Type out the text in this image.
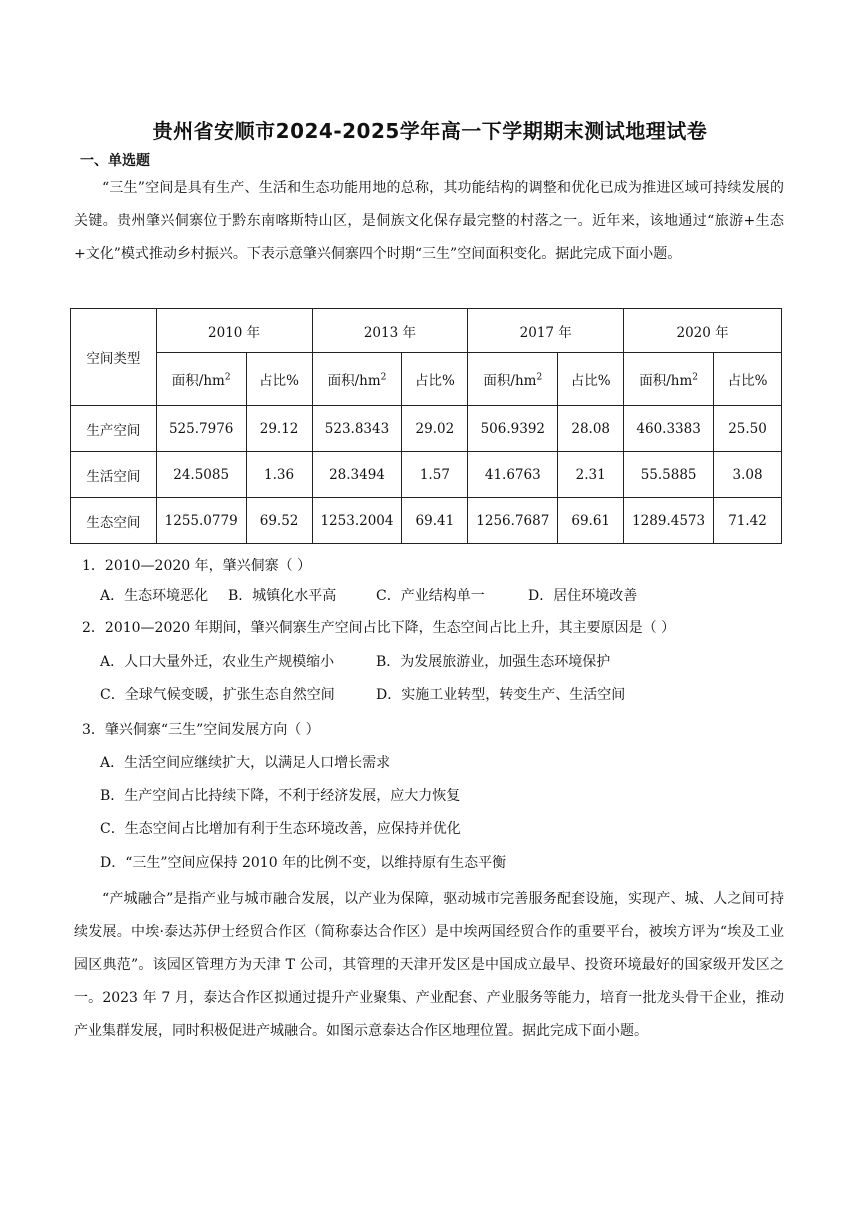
贵州省安顺市2024-2025学年高一下学期期末测试地理试卷
一、单选题
“三生”空间是具有生产、生活和生态功能用地的总称，其功能结构的调整和优化已成为推进区域可持续发展的关键。贵州肇兴侗寨位于黔东南喀斯特山区，是侗族文化保存最完整的村落之一。近年来，该地通过“旅游+生态+文化”模式推动乡村振兴。下表示意肇兴侗寨四个时期“三生”空间面积变化。据此完成下面小题。
空间类型	2010 年		2013 年		2017 年		2020 年	
	面积$/hm^2$	占比%	面积$/hm^2$	占比%	面积$/hm^2$	占比%	面积$/hm^2$	占比%
生产空间	525.7976	29.12	523.8343	29.02	506.9392	28.08	460.3383	25.50
生活空间	24.5085	1.36	28.3494	1.57	41.6763	2.31	55.5885	3.08
生态空间	1255.0779	69.52	1253.2004	69.41	1256.7687	69.61	1289.4573	71.42
1．2010—2020 年，肇兴侗寨（ ）
A．生态环境恶化 B．城镇化水平高	C．产业结构单一	D．居住环境改善
2．2010—2020 年期间，肇兴侗寨生产空间占比下降，生态空间占比上升，其主要原因是（ ）
A．人口大量外迁，农业生产规模缩小	B．为发展旅游业，加强生态环境保护
C．全球气候变暖，扩张生态自然空间	D．实施工业转型，转变生产、生活空间
3．肇兴侗寨“三生”空间发展方向（ ）
A．生活空间应继续扩大，以满足人口增长需求
B．生产空间占比持续下降，不利于经济发展，应大力恢复
C．生态空间占比增加有利于生态环境改善，应保持并优化
D．“三生”空间应保持 2010 年的比例不变，以维持原有生态平衡
“产城融合”是指产业与城市融合发展，以产业为保障，驱动城市完善服务配套设施，实现产、城、人之间可持续发展。中埃·泰达苏伊士经贸合作区（简称泰达合作区）是中埃两国经贸合作的重要平台，被埃方评为“埃及工业园区典范”。该园区管理方为天津 T 公司，其管理的天津开发区是中国成立最早、投资环境最好的国家级开发区之一。2023 年 7 月，泰达合作区拟通过提升产业聚集、产业配套、产业服务等能力，培育一批龙头骨干企业，推动产业集群发展，同时积极促进产城融合。如图示意泰达合作区地理位置。据此完成下面小题。
